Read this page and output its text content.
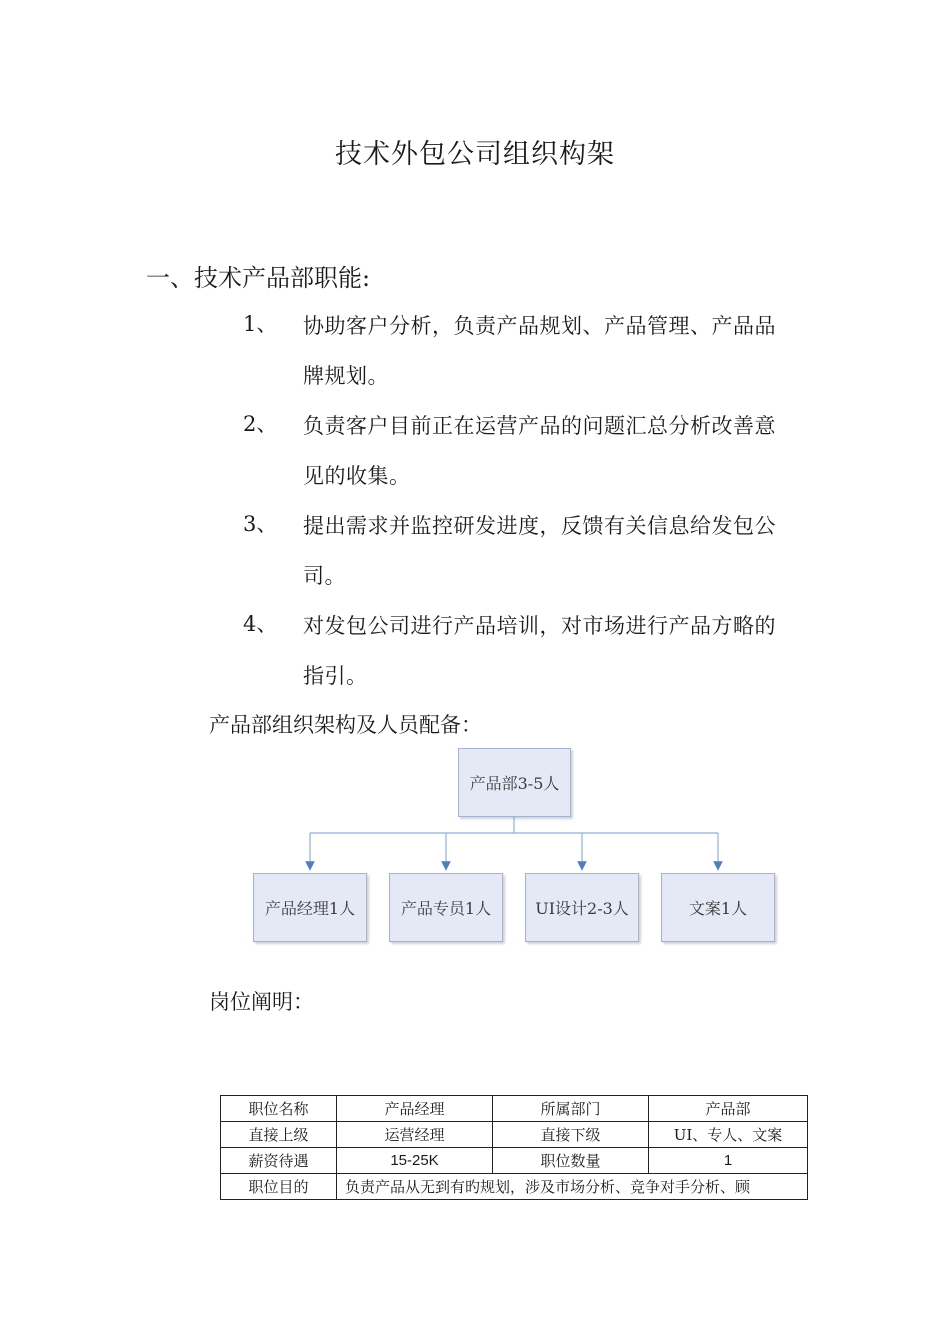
技术外包公司组织构架
一、技术产品部职能:
1、	协助客户分析，负责产品规划、产品管理、产品品
牌规划。
2、	负责客户目前正在运营产品的问题汇总分析改善意
见的收集。
3、	提出需求并监控研发进度，反馈有关信息给发包公
司。
4、	对发包公司进行产品培训，对市场进行产品方略的
指引。
产品部组织架构及人员配备：
产品部3-5人
产品经理1人	产品专员1人	UI设计2-3人	文案1人
岗位阐明：
职位名称	产品经理	所属部门	产品部
直接上级	运营经理	直接下级	UI、专人、文案
薪资待遇	15-25K	职位数量	1
职位目的	负责产品从无到有旳规划，涉及市场分析、竞争对手分析、顾		
